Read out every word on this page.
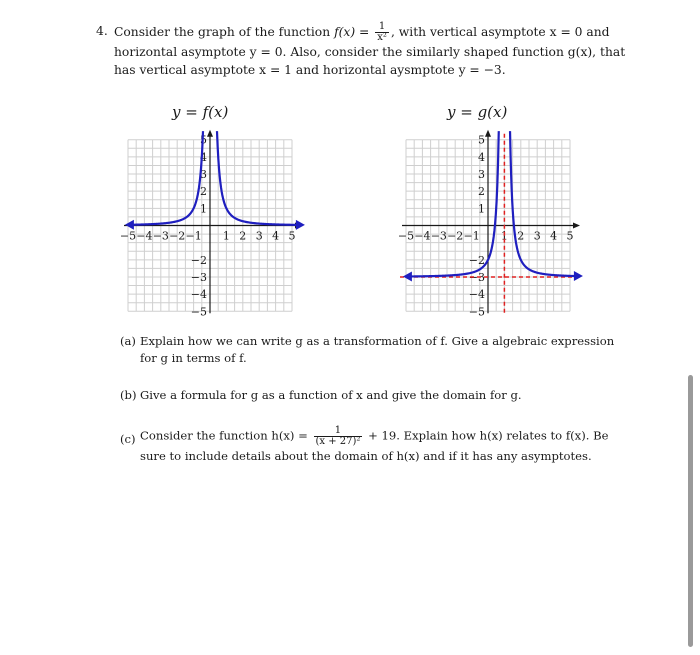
4. Consider the graph of the function $f(x) = \frac{1}{\text{x²}}$ , with vertical asymptote x = 0 and horizontal asymptote y = 0. Also, consider the similarly shaped function g(x), that has vertical asymptote x = 1 and horizontal aysmptote y = −3.
y = f(x)	y = g(x)
−5 −4 −3 −2 −1 1 2 3 4 5
5
4
3
2
1
−2
−3
−4
−5
−5 −4 −3 −2 −1 1 2 3 4 5
5
4
3
2
1
−2
−3
−4
−5
(a) Explain how we can write g as a transformation of f. Give a algebraic expression for g in terms of f.
(b) Give a formula for g as a function of x and give the domain for g.
(c) Consider the function $h(x) = \frac{1}{\text{(x + 27)²}} + 19$. Explain how h(x) relates to f(x). Be sure to include details about the domain of h(x) and if it has any asymptotes.
